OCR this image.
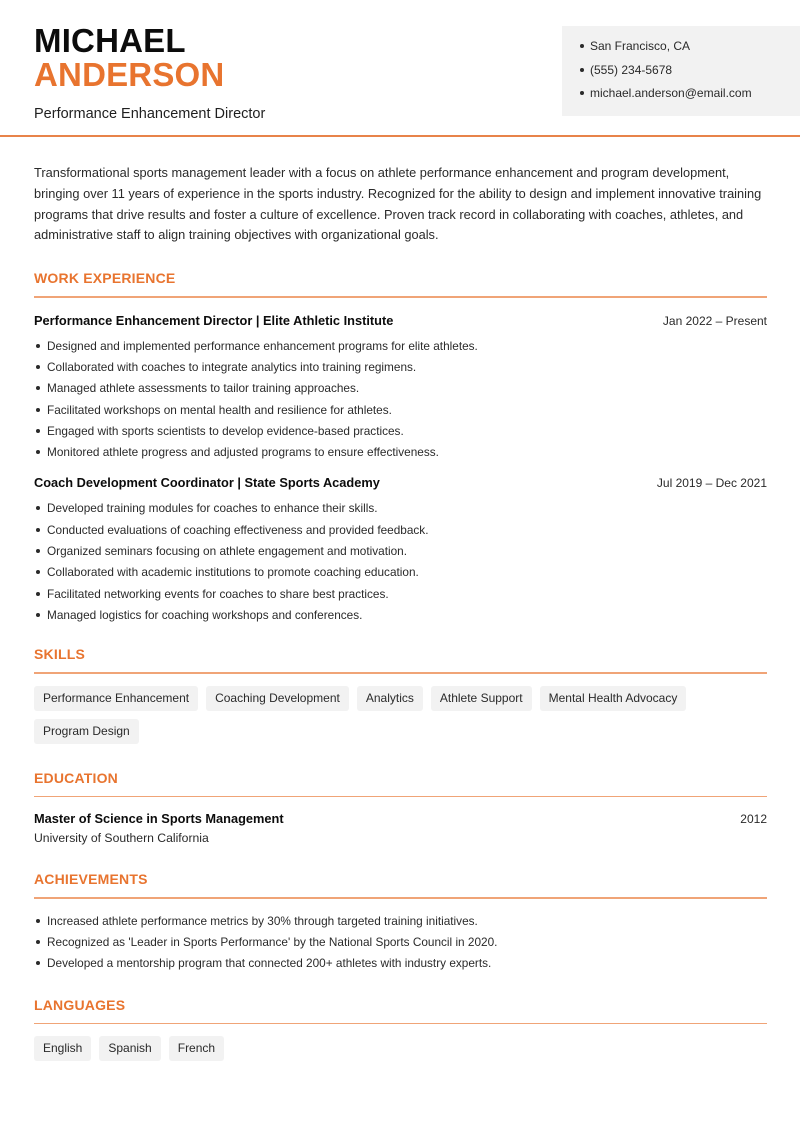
MICHAEL
ANDERSON
Performance Enhancement Director
San Francisco, CA
(555) 234-5678
michael.anderson@email.com

Transformational sports management leader with a focus on athlete performance enhancement and program development, bringing over 11 years of experience in the sports industry. Recognized for the ability to design and implement innovative training programs that drive results and foster a culture of excellence. Proven track record in collaborating with coaches, athletes, and administrative staff to align training objectives with organizational goals.

WORK EXPERIENCE
Performance Enhancement Director | Elite Athletic Institute	Jan 2022 – Present
Designed and implemented performance enhancement programs for elite athletes.
Collaborated with coaches to integrate analytics into training regimens.
Managed athlete assessments to tailor training approaches.
Facilitated workshops on mental health and resilience for athletes.
Engaged with sports scientists to develop evidence-based practices.
Monitored athlete progress and adjusted programs to ensure effectiveness.
Coach Development Coordinator | State Sports Academy	Jul 2019 – Dec 2021
Developed training modules for coaches to enhance their skills.
Conducted evaluations of coaching effectiveness and provided feedback.
Organized seminars focusing on athlete engagement and motivation.
Collaborated with academic institutions to promote coaching education.
Facilitated networking events for coaches to share best practices.
Managed logistics for coaching workshops and conferences.
SKILLS
Performance Enhancement	Coaching Development	Analytics	Athlete Support	Mental Health Advocacy
Program Design
EDUCATION
Master of Science in Sports Management	2012
University of Southern California
ACHIEVEMENTS
Increased athlete performance metrics by 30% through targeted training initiatives.
Recognized as 'Leader in Sports Performance' by the National Sports Council in 2020.
Developed a mentorship program that connected 200+ athletes with industry experts.
LANGUAGES
English	Spanish	French
